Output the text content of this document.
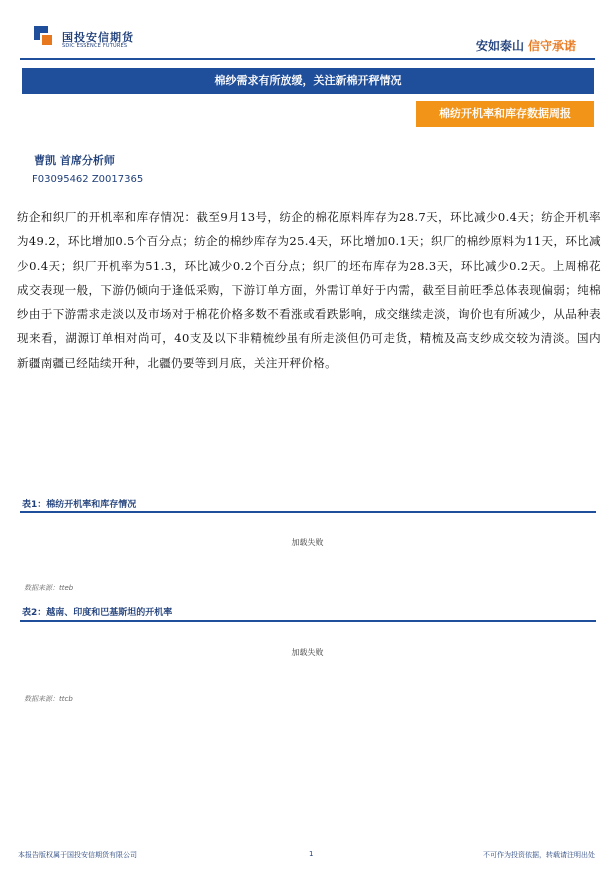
国投安信期货
SDIC ESSENCE FUTURES	安如泰山 信守承诺
棉纱需求有所放缓，关注新棉开秤情况
棉纺开机率和库存数据周报
曹凯 首席分析师
F03095462 Z0017365
纺企和织厂的开机率和库存情况：截至9月13号，纺企的棉花原料库存为28.7天，环比减少0.4天；纺企开机率为49.2，环比增加0.5个百分点；纺企的棉纱库存为25.4天，环比增加0.1天；织厂的棉纱原料为11天，环比减少0.4天；织厂开机率为51.3，环比减少0.2个百分点；织厂的坯布库存为28.3天，环比减少0.2天。上周棉花成交表现一般，下游仍倾向于逢低采购，下游订单方面，外需订单好于内需，截至目前旺季总体表现偏弱；纯棉纱由于下游需求走淡以及市场对于棉花价格多数不看涨或看跌影响，成交继续走淡，询价也有所减少，从品种表现来看，湖源订单相对尚可，40支及以下非精梳纱虽有所走淡但仍可走货，精梳及高支纱成交较为清淡。国内新疆南疆已经陆续开种，北疆仍要等到月底，关注开秤价格。
表1：棉纺开机率和库存情况
加载失败
数据来源：tteb
表2：越南、印度和巴基斯坦的开机率
加载失败
数据来源：ttcb
本报告版权属于国投安信期货有限公司	1	不可作为投资依据，转载请注明出处
